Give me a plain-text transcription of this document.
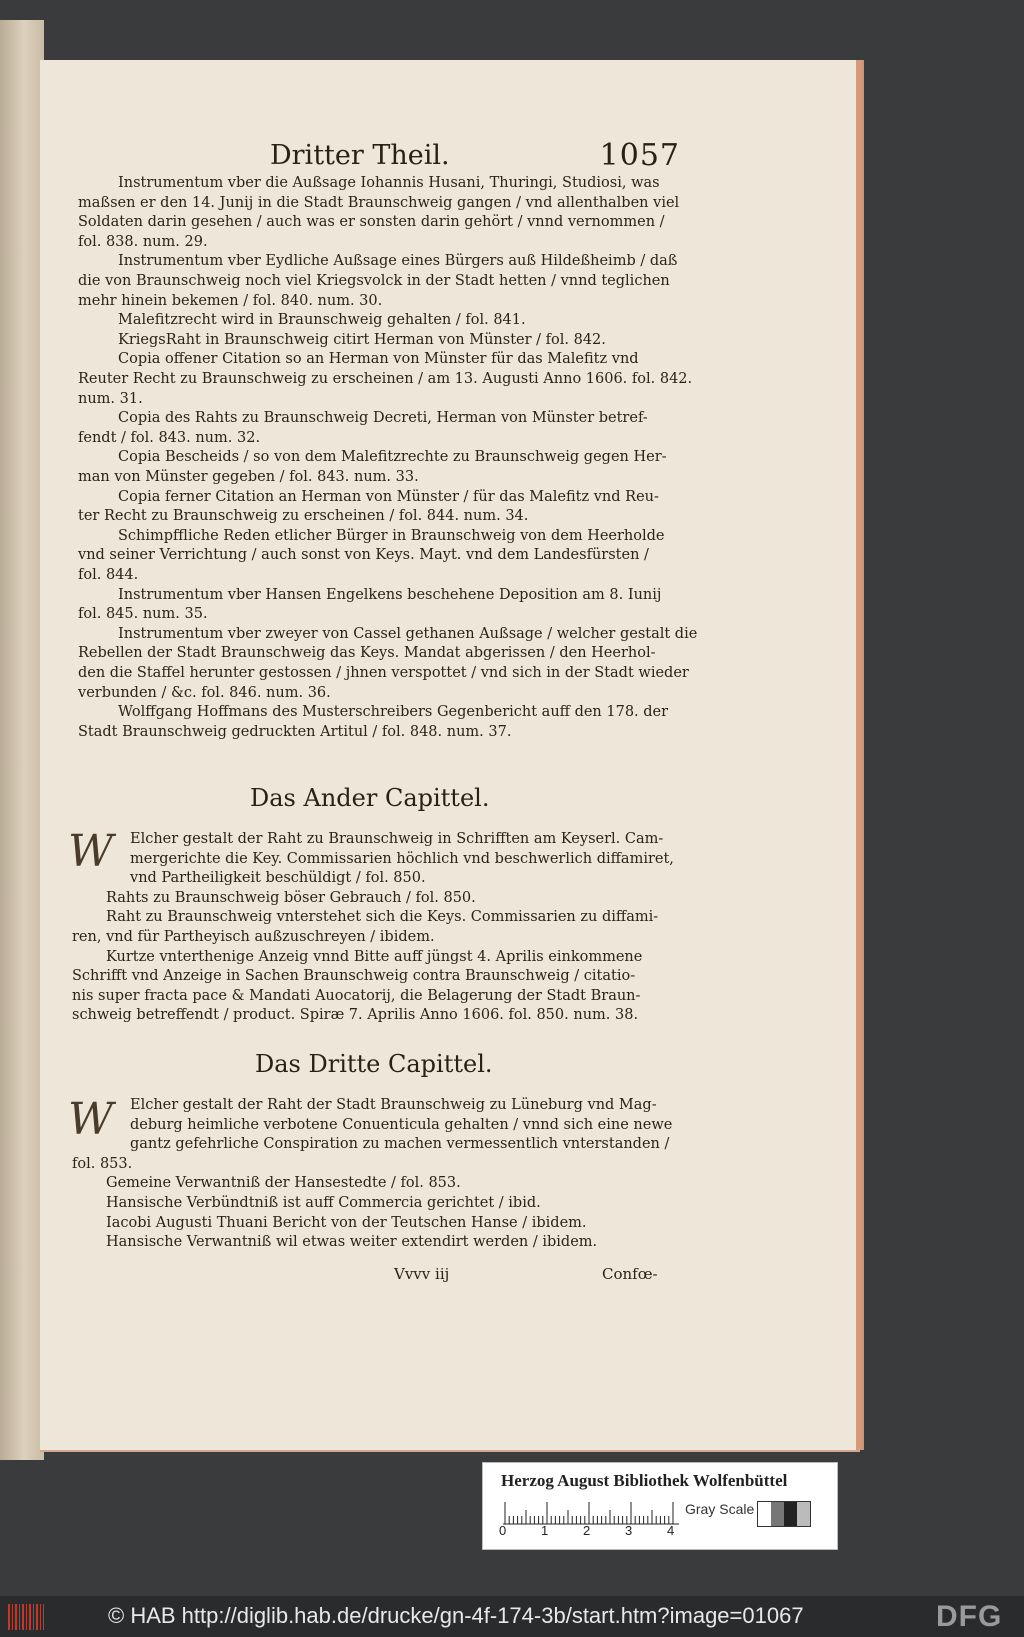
Dritter Theil.	1057
Instrumentum vber die Außsage Iohannis Husani, Thuringi, Studiosi, was
maßsen er den 14. Junij in die Stadt Braunschweig gangen / vnd allenthalben viel
Soldaten darin gesehen / auch was er sonsten darin gehört / vnnd vernommen /
fol. 838. num. 29.
Instrumentum vber Eydliche Außsage eines Bürgers auß Hildeßheimb / daß
die von Braunschweig noch viel Kriegsvolck in der Stadt hetten / vnnd teglichen
mehr hinein bekemen / fol. 840. num. 30.
Malefitzrecht wird in Braunschweig gehalten / fol. 841.
KriegsRaht in Braunschweig citirt Herman von Münster / fol. 842.
Copia offener Citation so an Herman von Münster für das Malefitz vnd
Reuter Recht zu Braunschweig zu erscheinen / am 13. Augusti Anno 1606. fol. 842.
num. 31.
Copia des Rahts zu Braunschweig Decreti, Herman von Münster betref-
fendt / fol. 843. num. 32.
Copia Bescheids / so von dem Malefitzrechte zu Braunschweig gegen Her-
man von Münster gegeben / fol. 843. num. 33.
Copia ferner Citation an Herman von Münster / für das Malefitz vnd Reu-
ter Recht zu Braunschweig zu erscheinen / fol. 844. num. 34.
Schimpffliche Reden etlicher Bürger in Braunschweig von dem Heerholde
vnd seiner Verrichtung / auch sonst von Keys. Mayt. vnd dem Landesfürsten /
fol. 844.
Instrumentum vber Hansen Engelkens beschehene Deposition am 8. Iunij
fol. 845. num. 35.
Instrumentum vber zweyer von Cassel gethanen Außsage / welcher gestalt die
Rebellen der Stadt Braunschweig das Keys. Mandat abgerissen / den Heerhol-
den die Staffel herunter gestossen / jhnen verspottet / vnd sich in der Stadt wieder
verbunden / &c. fol. 846. num. 36.
Wolffgang Hoffmans des Musterschreibers Gegenbericht auff den 178. der
Stadt Braunschweig gedruckten Artitul / fol. 848. num. 37.
Das Ander Capittel.
W Elcher gestalt der Raht zu Braunschweig in Schrifften am Keyserl. Cam-
mergerichte die Key. Commissarien höchlich vnd beschwerlich diffamiret,
vnd Partheiligkeit beschüldigt / fol. 850.
Rahts zu Braunschweig böser Gebrauch / fol. 850.
Raht zu Braunschweig vnterstehet sich die Keys. Commissarien zu diffami-
ren, vnd für Partheyisch außzuschreyen / ibidem.
Kurtze vnterthenige Anzeig vnnd Bitte auff jüngst 4. Aprilis einkommene
Schrifft vnd Anzeige in Sachen Braunschweig contra Braunschweig / citatio-
nis super fracta pace & Mandati Auocatorij, die Belagerung der Stadt Braun-
schweig betreffendt / product. Spiræ 7. Aprilis Anno 1606. fol. 850. num. 38.
Das Dritte Capittel.
W Elcher gestalt der Raht der Stadt Braunschweig zu Lüneburg vnd Mag-
deburg heimliche verbotene Conuenticula gehalten / vnnd sich eine newe
gantz gefehrliche Conspiration zu machen vermessentlich vnterstanden /
fol. 853.
Gemeine Verwantniß der Hansestedte / fol. 853.
Hansische Verbündtniß ist auff Commercia gerichtet / ibid.
Iacobi Augusti Thuani Bericht von der Teutschen Hanse / ibidem.
Hansische Verwantniß wil etwas weiter extendirt werden / ibidem.
Vvvv iij	Confœ-
Herzog August Bibliothek Wolfenbüttel
0	1	2	3	4
Gray Scale
© HAB http://diglib.hab.de/drucke/gn-4f-174-3b/start.htm?image=01067	DFG
